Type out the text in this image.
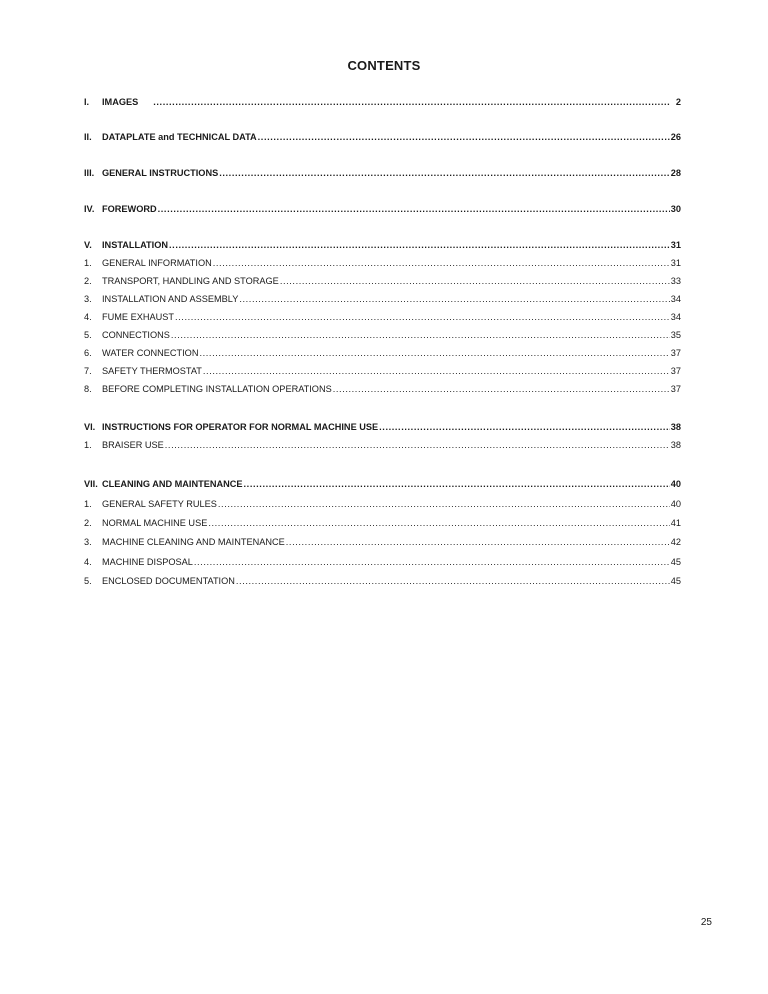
CONTENTS
I.	IMAGES .....	2
II.	DATAPLATE and TECHNICAL DATA .....	26
III. GENERAL INSTRUCTIONS .....	28
IV. FOREWORD .....	30
V.	INSTALLATION .....	31
1.	GENERAL INFORMATION .....	31
2.	TRANSPORT, HANDLING AND STORAGE .....	33
3.	INSTALLATION AND ASSEMBLY .....	34
4.	FUME EXHAUST .....	34
5.	CONNECTIONS .....	35
6.	WATER CONNECTION .....	37
7.	SAFETY THERMOSTAT .....	37
8.	BEFORE COMPLETING INSTALLATION OPERATIONS .....	37
VI. INSTRUCTIONS FOR OPERATOR FOR NORMAL MACHINE USE .....	38
1.	BRAISER USE .....	38
VII. CLEANING AND MAINTENANCE .....	40
1.	GENERAL SAFETY RULES .....	40
2.	NORMAL MACHINE USE .....	41
3.	MACHINE CLEANING AND MAINTENANCE .....	42
4.	MACHINE DISPOSAL .....	45
5.	ENCLOSED DOCUMENTATION .....	45
25
